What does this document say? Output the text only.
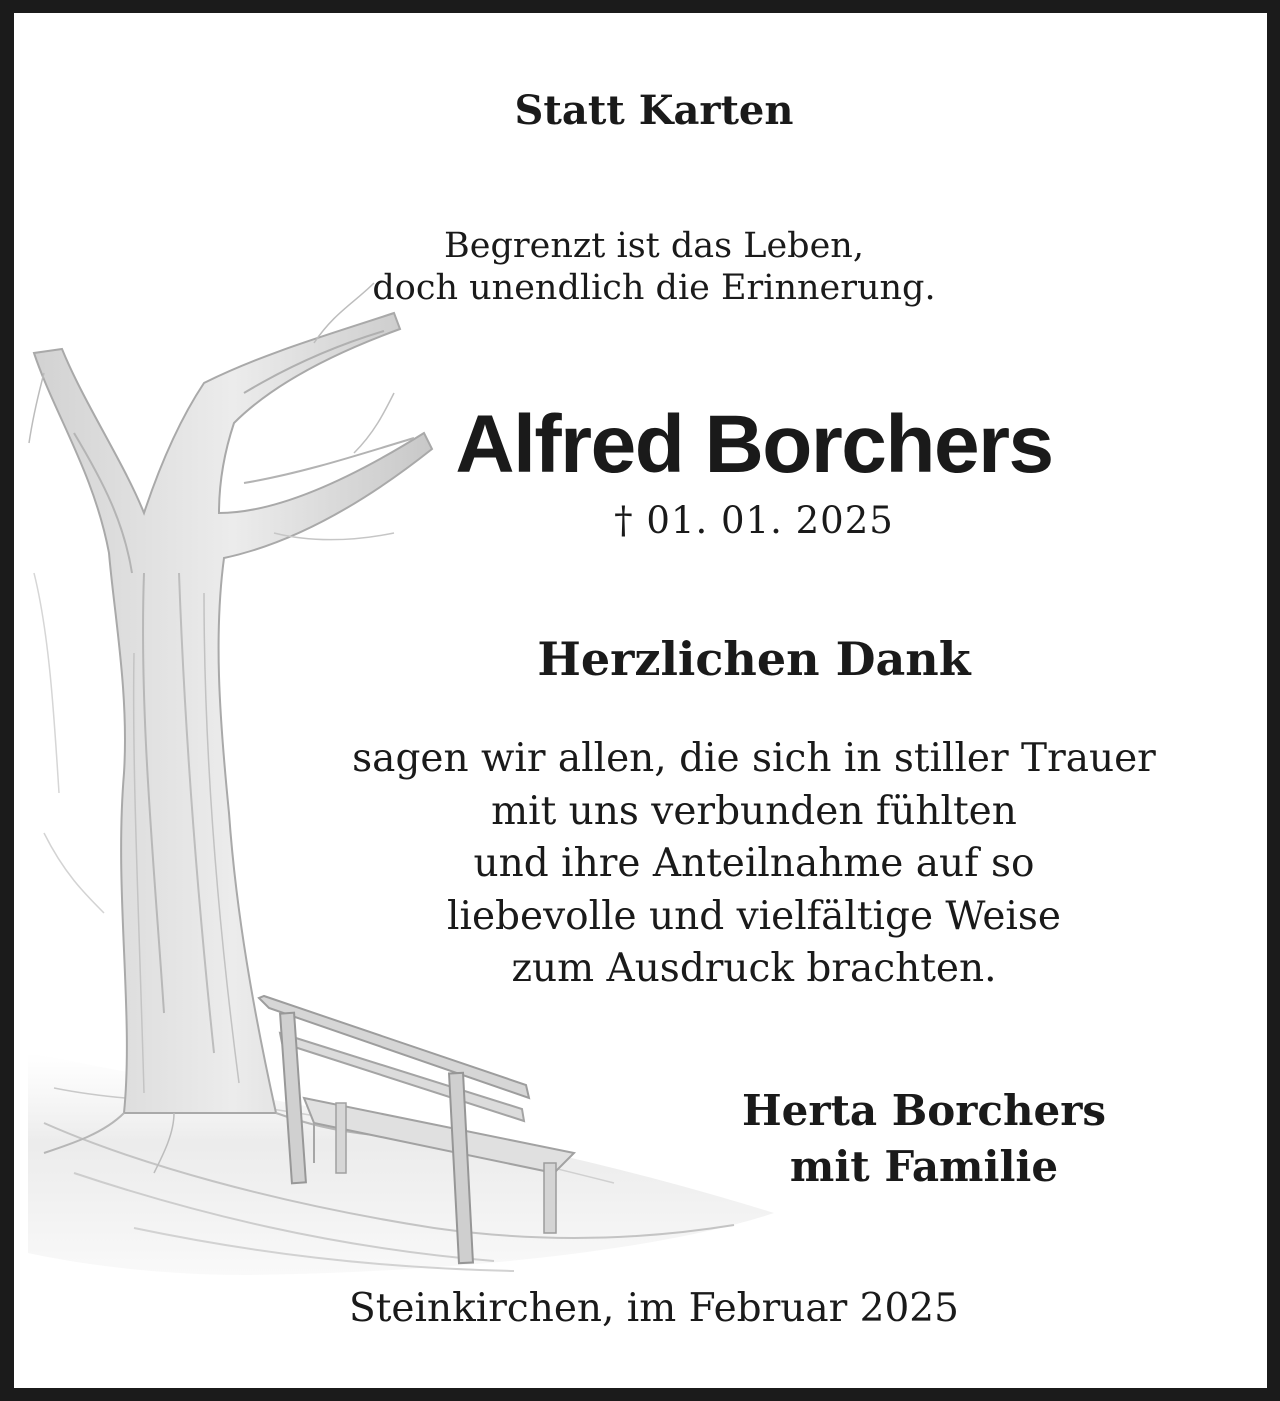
Statt Karten

Begrenzt ist das Leben,
doch unendlich die Erinnerung.

Alfred Borchers

† 01. 01. 2025

Herzlichen Dank

sagen wir allen, die sich in stiller Trauer
mit uns verbunden fühlten
und ihre Anteilnahme auf so
liebevolle und vielfältige Weise
zum Ausdruck brachten.
Herta Borchers
mit Familie

Steinkirchen, im Februar 2025
